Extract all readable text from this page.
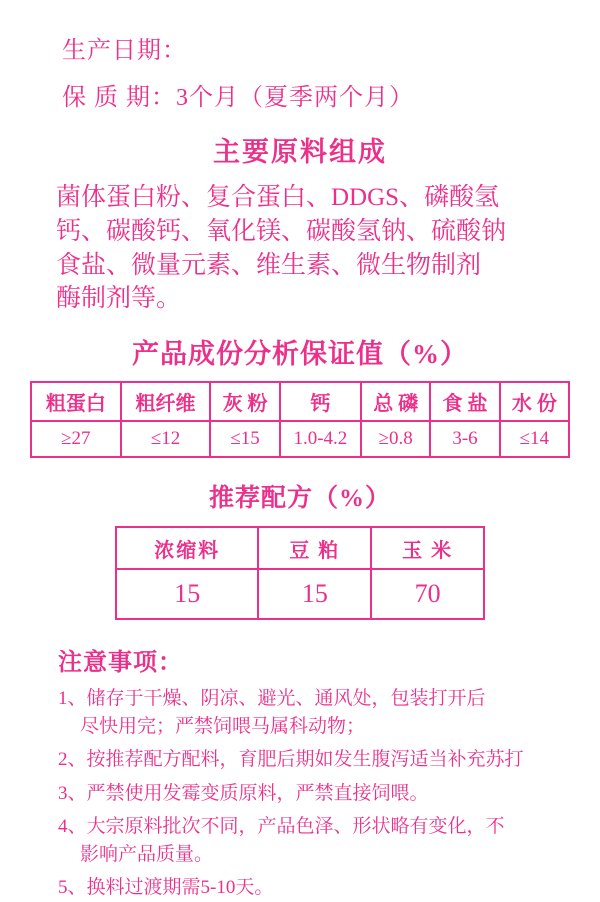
生产日期：
保 质 期：3个月（夏季两个月）
主要原料组成
菌体蛋白粉、复合蛋白、DDGS、磷酸氢
钙、碳酸钙、氧化镁、碳酸氢钠、硫酸钠
食盐、微量元素、维生素、微生物制剂
酶制剂等。
产品成份分析保证值（%）
粗蛋白	粗纤维	灰 粉	钙	总 磷	食 盐	水 份
≥27	≤12	≤15	1.0-4.2	≥0.8	3-6	≤14
推荐配方（%）
浓缩料	豆 粕	玉 米
15	15	70
注意事项：
1、储存于干燥、阴凉、避光、通风处，包装打开后
尽快用完；严禁饲喂马属科动物；
2、按推荐配方配料，育肥后期如发生腹泻适当补充苏打
3、严禁使用发霉变质原料，严禁直接饲喂。
4、大宗原料批次不同，产品色泽、形状略有变化，不
影响产品质量。
5、换料过渡期需5-10天。
